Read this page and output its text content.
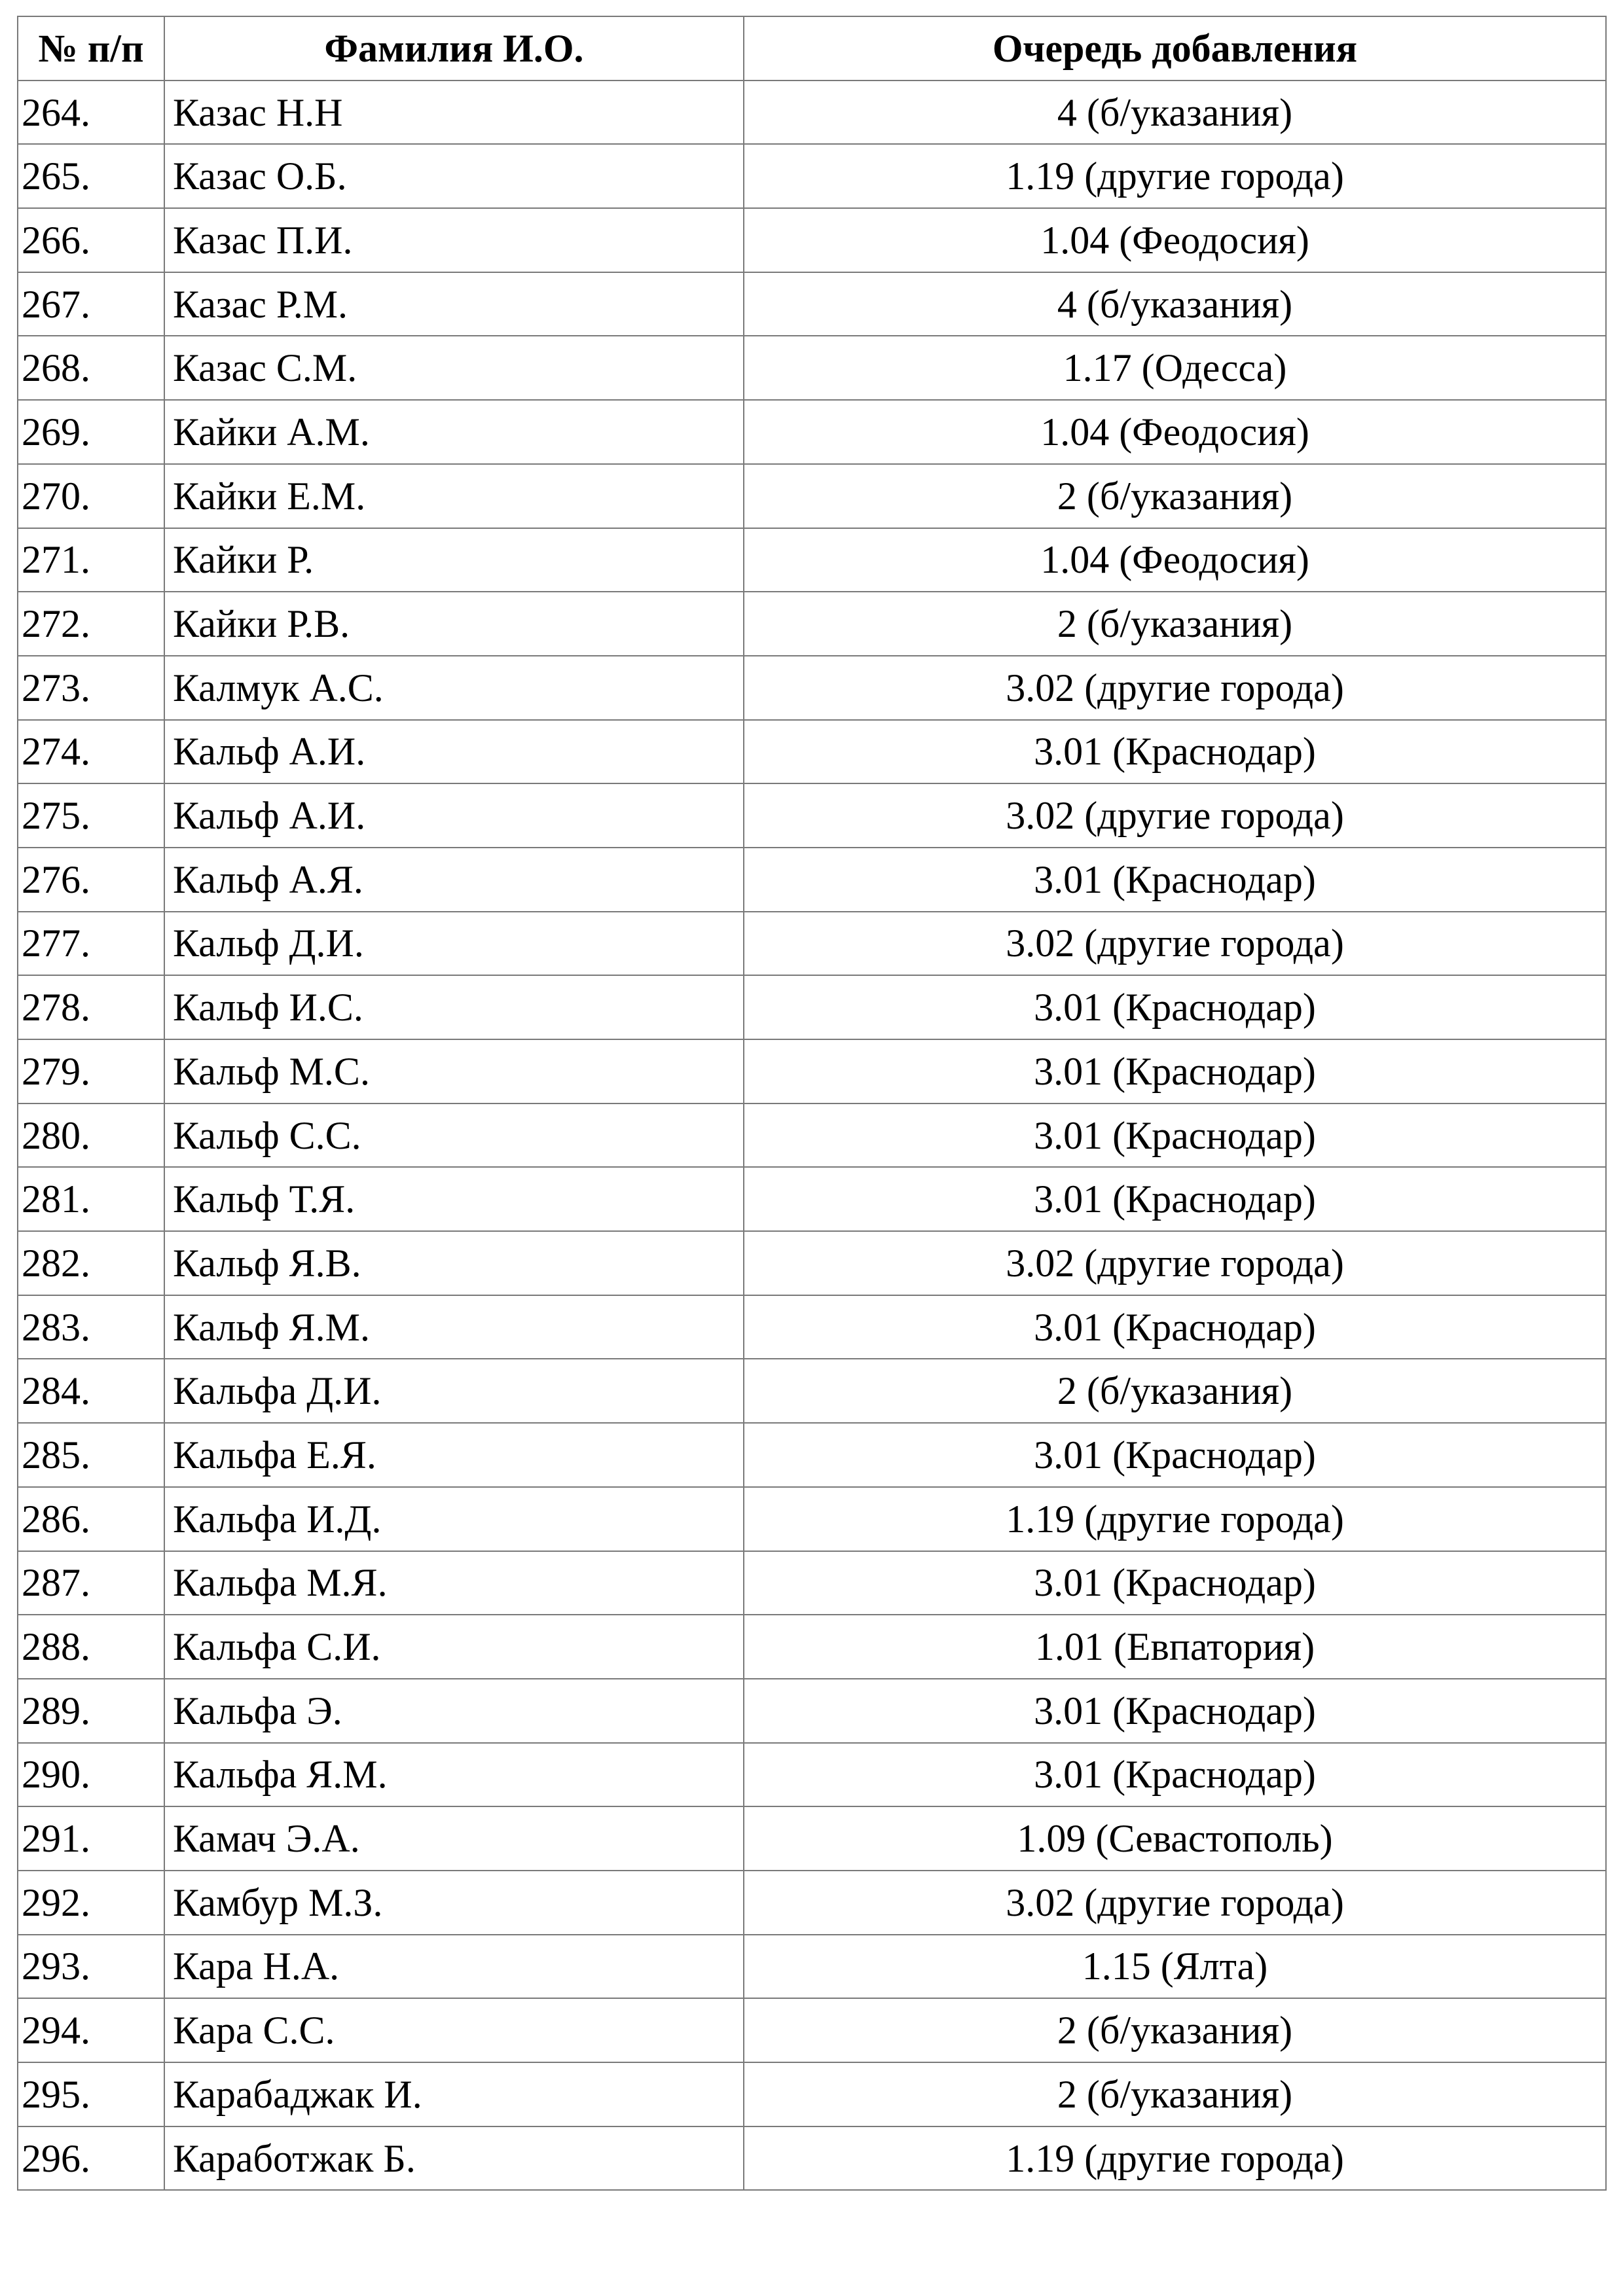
№ п/п	Фамилия И.О.	Очередь добавления
264.	Казас Н.Н	4 (б/указания)
265.	Казас О.Б.	1.19 (другие города)
266.	Казас П.И.	1.04 (Феодосия)
267.	Казас Р.М.	4 (б/указания)
268.	Казас С.М.	1.17 (Одесса)
269.	Кайки А.М.	1.04 (Феодосия)
270.	Кайки Е.М.	2 (б/указания)
271.	Кайки Р.	1.04 (Феодосия)
272.	Кайки Р.В.	2 (б/указания)
273.	Калмук А.С.	3.02 (другие города)
274.	Кальф А.И.	3.01 (Краснодар)
275.	Кальф А.И.	3.02 (другие города)
276.	Кальф А.Я.	3.01 (Краснодар)
277.	Кальф Д.И.	3.02 (другие города)
278.	Кальф И.С.	3.01 (Краснодар)
279.	Кальф М.С.	3.01 (Краснодар)
280.	Кальф С.С.	3.01 (Краснодар)
281.	Кальф Т.Я.	3.01 (Краснодар)
282.	Кальф Я.В.	3.02 (другие города)
283.	Кальф Я.М.	3.01 (Краснодар)
284.	Кальфа Д.И.	2 (б/указания)
285.	Кальфа Е.Я.	3.01 (Краснодар)
286.	Кальфа И.Д.	1.19 (другие города)
287.	Кальфа М.Я.	3.01 (Краснодар)
288.	Кальфа С.И.	1.01 (Евпатория)
289.	Кальфа Э.	3.01 (Краснодар)
290.	Кальфа Я.М.	3.01 (Краснодар)
291.	Камач Э.А.	1.09 (Севастополь)
292.	Камбур М.З.	3.02 (другие города)
293.	Кара Н.А.	1.15 (Ялта)
294.	Кара С.С.	2 (б/указания)
295.	Карабаджак И.	2 (б/указания)
296.	Каработжак Б.	1.19 (другие города)
